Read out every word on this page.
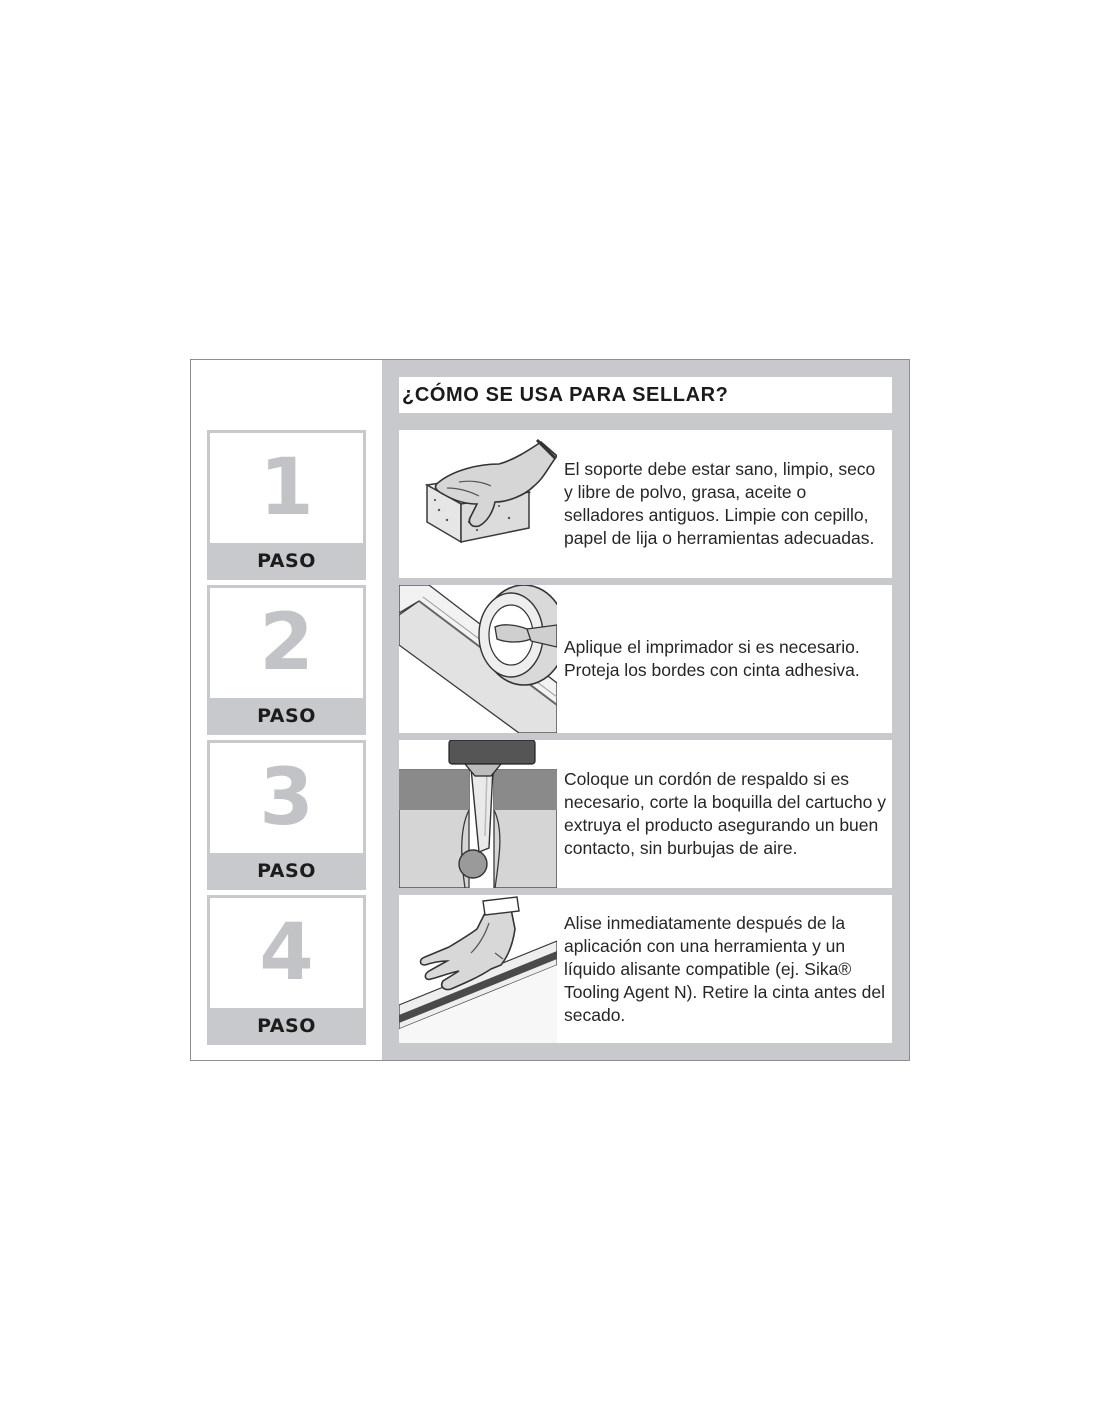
1
PASO
2
PASO
3
PASO
4
PASO
¿CÓMO SE USA PARA SELLAR?
El soporte debe estar sano, limpio, seco y libre de polvo, grasa, aceite o selladores antiguos. Limpie con cepillo, papel de lija o herramientas adecuadas.
Aplique el imprimador si es necesario. Proteja los bordes con cinta adhesiva.
Coloque un cordón de respaldo si es necesario, corte la boquilla del cartucho y extruya el producto asegurando un buen contacto, sin burbujas de aire.
Alise inmediatamente después de la aplicación con una herramienta y un líquido alisante compatible (ej. Sika® Tooling Agent N). Retire la cinta antes del secado.
